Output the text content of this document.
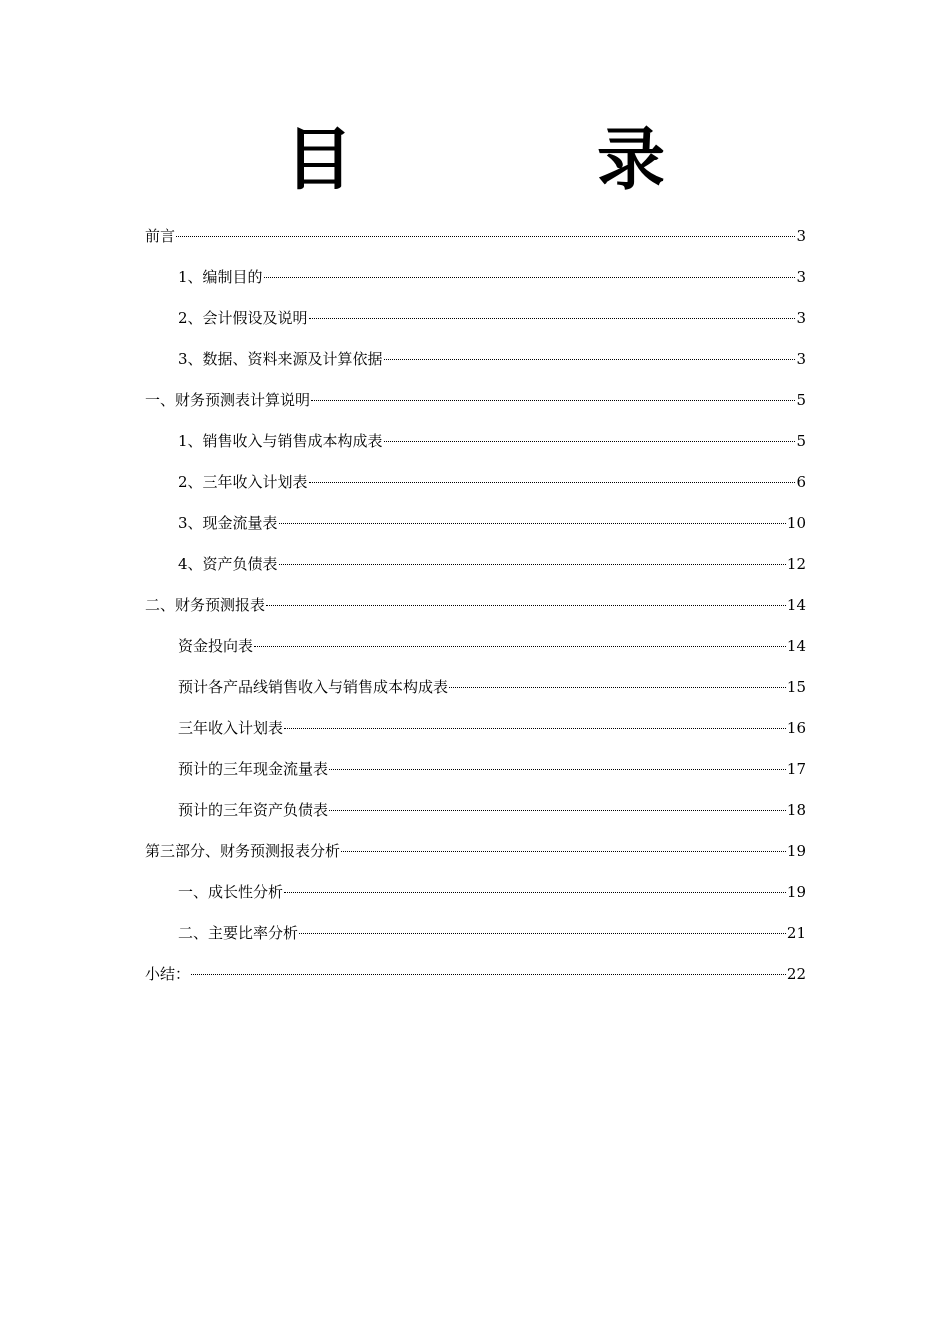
目　录
前言	3
1、编制目的	3
2、会计假设及说明	3
3、数据、资料来源及计算依据	3
一、财务预测表计算说明	5
1、销售收入与销售成本构成表	5
2、三年收入计划表	6
3、现金流量表	10
4、资产负债表	12
二、财务预测报表	14
资金投向表	14
预计各产品线销售收入与销售成本构成表	15
三年收入计划表	16
预计的三年现金流量表	17
预计的三年资产负债表	18
第三部分、财务预测报表分析	19
一、成长性分析	19
二、主要比率分析	21
小结：	22
